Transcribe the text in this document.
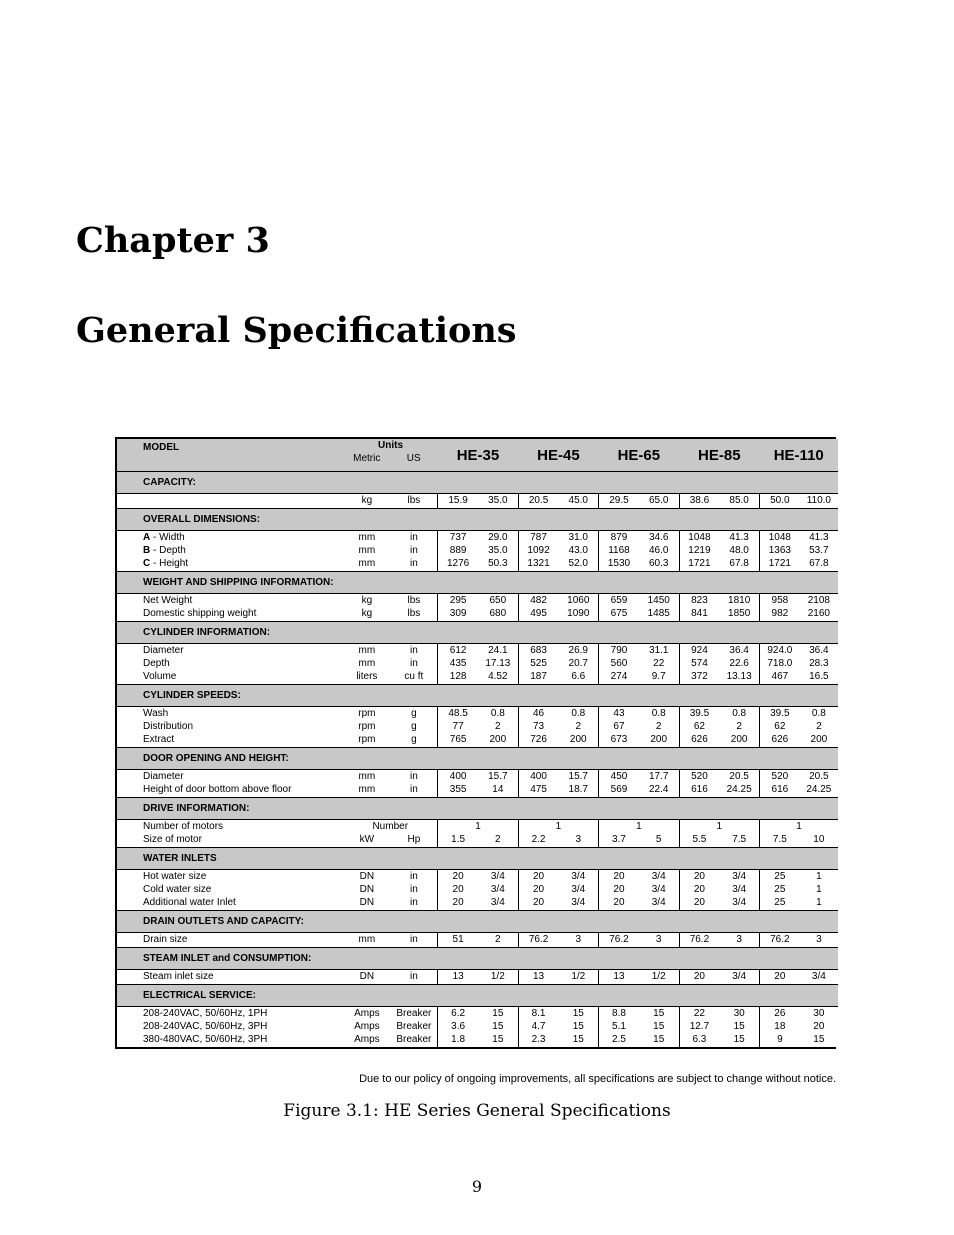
Chapter 3
General Specifications
MODEL	Units
Metric US		HE-35		HE-45		HE-65		HE-85		HE-110	
CAPACITY:												
	kg	lbs	15.9	35.0	20.5	45.0	29.5	65.0	38.6	85.0	50.0	110.0
OVERALL DIMENSIONS:												
A - Width	mm	in	737	29.0	787	31.0	879	34.6	1048	41.3	1048	41.3
B - Depth	mm	in	889	35.0	1092	43.0	1168	46.0	1219	48.0	1363	53.7
C - Height	mm	in	1276	50.3	1321	52.0	1530	60.3	1721	67.8	1721	67.8
WEIGHT AND SHIPPING INFORMATION:												
Net Weight	kg	lbs	295	650	482	1060	659	1450	823	1810	958	2108
Domestic shipping weight	kg	lbs	309	680	495	1090	675	1485	841	1850	982	2160
CYLINDER INFORMATION:												
Diameter	mm	in	612	24.1	683	26.9	790	31.1	924	36.4	924.0	36.4
Depth	mm	in	435	17.13	525	20.7	560	22	574	22.6	718.0	28.3
Volume	liters	cu ft	128	4.52	187	6.6	274	9.7	372	13.13	467	16.5
CYLINDER SPEEDS:												
Wash	rpm	g	48.5	0.8	46	0.8	43	0.8	39.5	0.8	39.5	0.8
Distribution	rpm	g	77	2	73	2	67	2	62	2	62	2
Extract	rpm	g	765	200	726	200	673	200	626	200	626	200
DOOR OPENING AND HEIGHT:												
Diameter	mm	in	400	15.7	400	15.7	450	17.7	520	20.5	520	20.5
Height of door bottom above floor	mm	in	355	14	475	18.7	569	22.4	616	24.25	616	24.25
DRIVE INFORMATION:												
Number of motors	Number		1		1		1		1		1	
Size of motor	kW	Hp	1.5	2	2.2	3	3.7	5	5.5	7.5	7.5	10
WATER INLETS												
Hot water size	DN	in	20	3/4	20	3/4	20	3/4	20	3/4	25	1
Cold water size	DN	in	20	3/4	20	3/4	20	3/4	20	3/4	25	1
Additional water Inlet	DN	in	20	3/4	20	3/4	20	3/4	20	3/4	25	1
DRAIN OUTLETS AND CAPACITY:												
Drain size	mm	in	51	2	76.2	3	76.2	3	76.2	3	76.2	3
STEAM INLET and CONSUMPTION:												
Steam inlet size	DN	in	13	1/2	13	1/2	13	1/2	20	3/4	20	3/4
ELECTRICAL SERVICE:												
208-240VAC, 50/60Hz, 1PH	Amps	Breaker	6.2	15	8.1	15	8.8	15	22	30	26	30
208-240VAC, 50/60Hz, 3PH	Amps	Breaker	3.6	15	4.7	15	5.1	15	12.7	15	18	20
380-480VAC, 50/60Hz, 3PH	Amps	Breaker	1.8	15	2.3	15	2.5	15	6.3	15	9	15
Due to our policy of ongoing improvements, all specifications are subject to change without notice.
Figure 3.1: HE Series General Specifications
9
